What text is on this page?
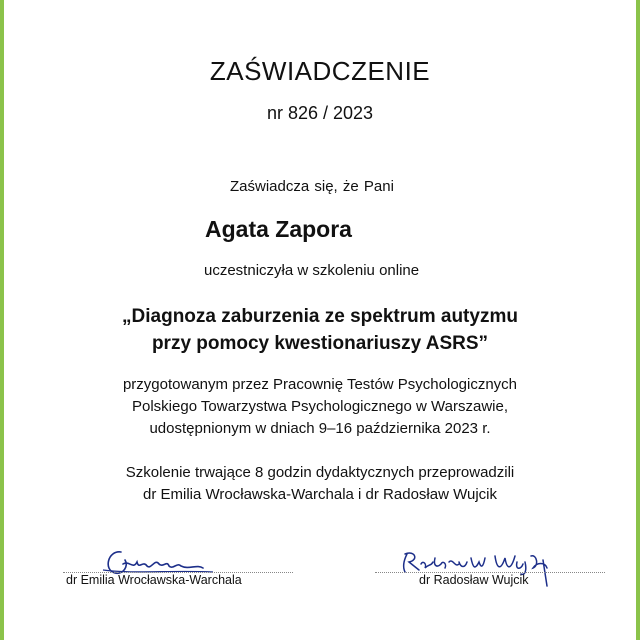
ZAŚWIADCZENIE
nr 826 / 2023
Zaświadcza się, że Pani
Agata Zapora
uczestniczyła w szkoleniu online
„Diagnoza zaburzenia ze spektrum autyzmu
przy pomocy kwestionariuszy ASRS”
przygotowanym przez Pracownię Testów Psychologicznych
Polskiego Towarzystwa Psychologicznego w Warszawie,
udostępnionym w dniach 9–16 października 2023 r.
Szkolenie trwające 8 godzin dydaktycznych przeprowadzili
dr Emilia Wrocławska-Warchala i dr Radosław Wujcik
dr Emilia Wrocławska-Warchala	dr Radosław Wujcik
